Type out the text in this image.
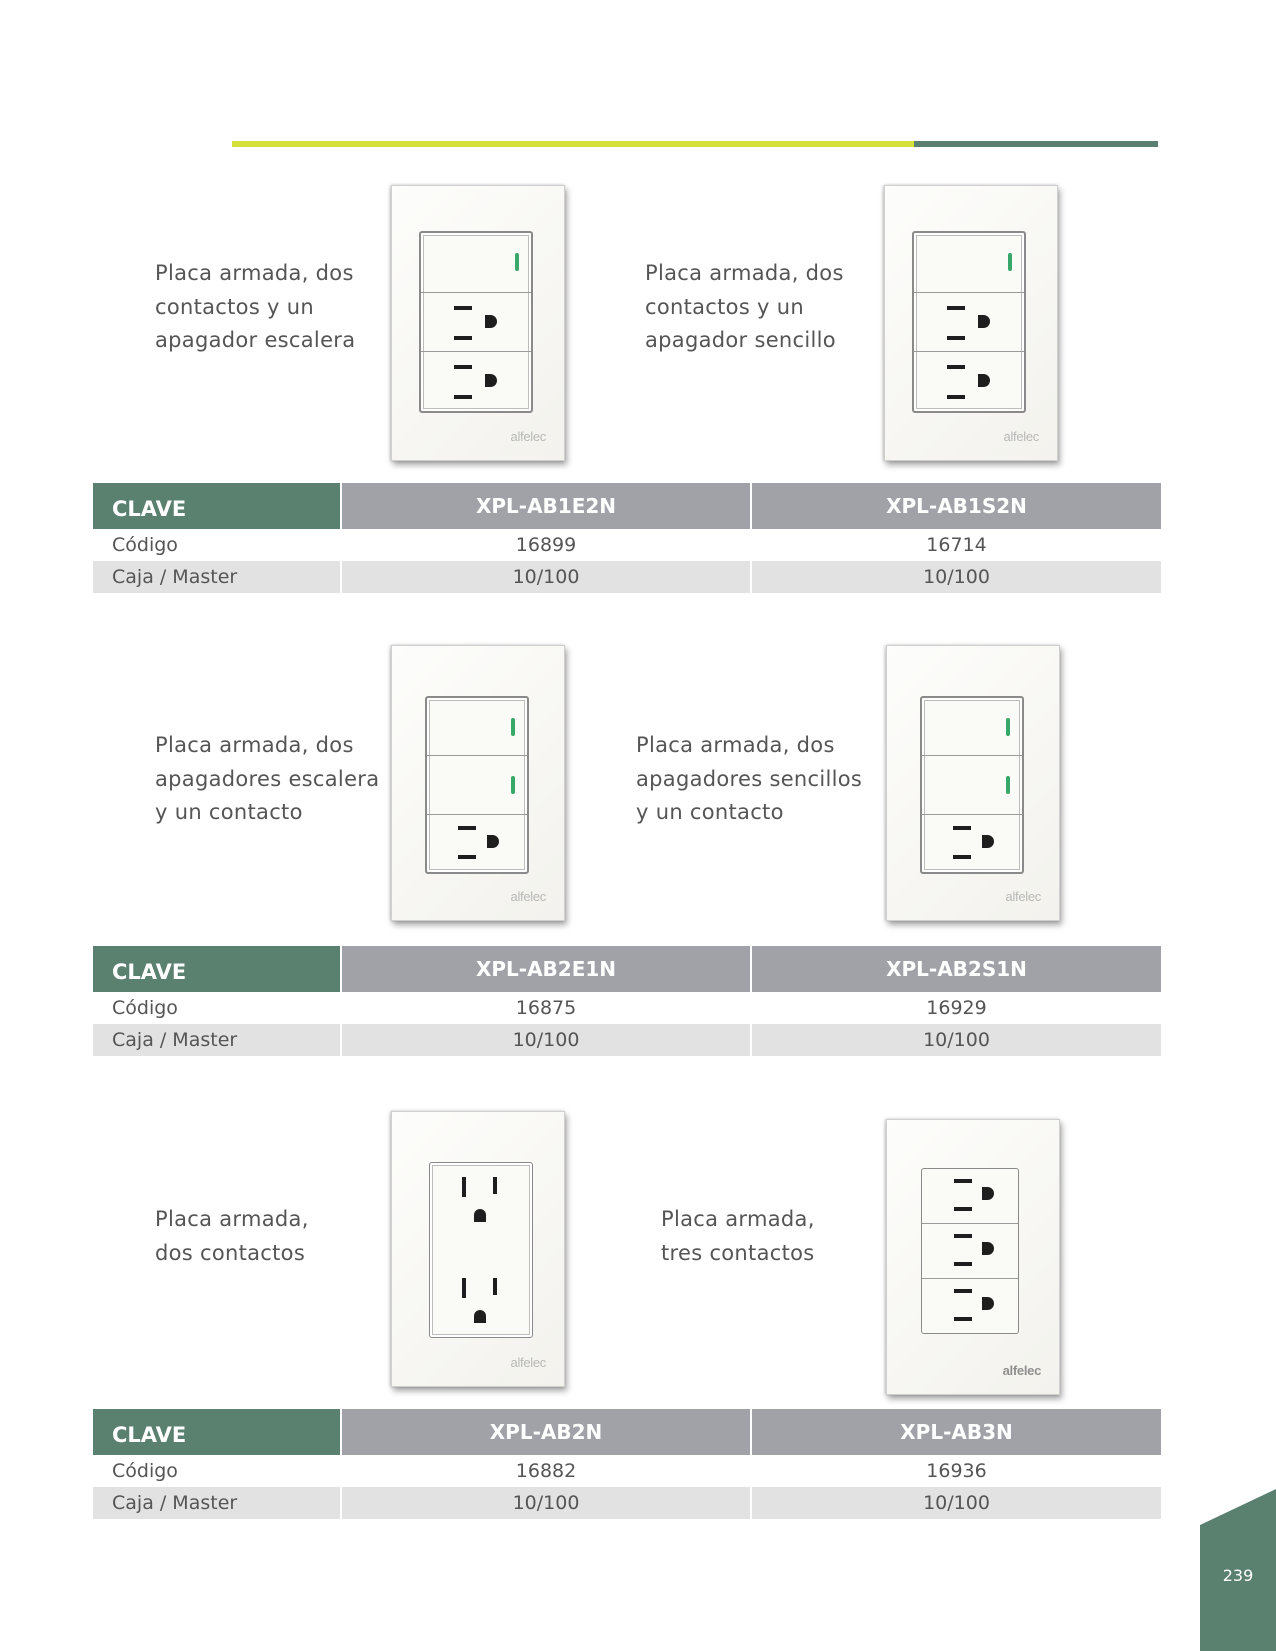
Placa armada, dos
contactos y un
apagador escalera

alfelec

Placa armada, dos
contactos y un
apagador sencillo

alfelec
CLAVE	XPL-AB1E2N	XPL-AB1S2N
Código	16899	16714
Caja / Master	10/100	10/100

Placa armada, dos
apagadores escalera
y un contacto

alfelec

Placa armada, dos
apagadores sencillos
y un contacto

alfelec
CLAVE	XPL-AB2E1N	XPL-AB2S1N
Código	16875	16929
Caja / Master	10/100	10/100

Placa armada,
dos contactos

alfelec

Placa armada,
tres contactos

alfelec
CLAVE	XPL-AB2N	XPL-AB3N
Código	16882	16936
Caja / Master	10/100	10/100
239
